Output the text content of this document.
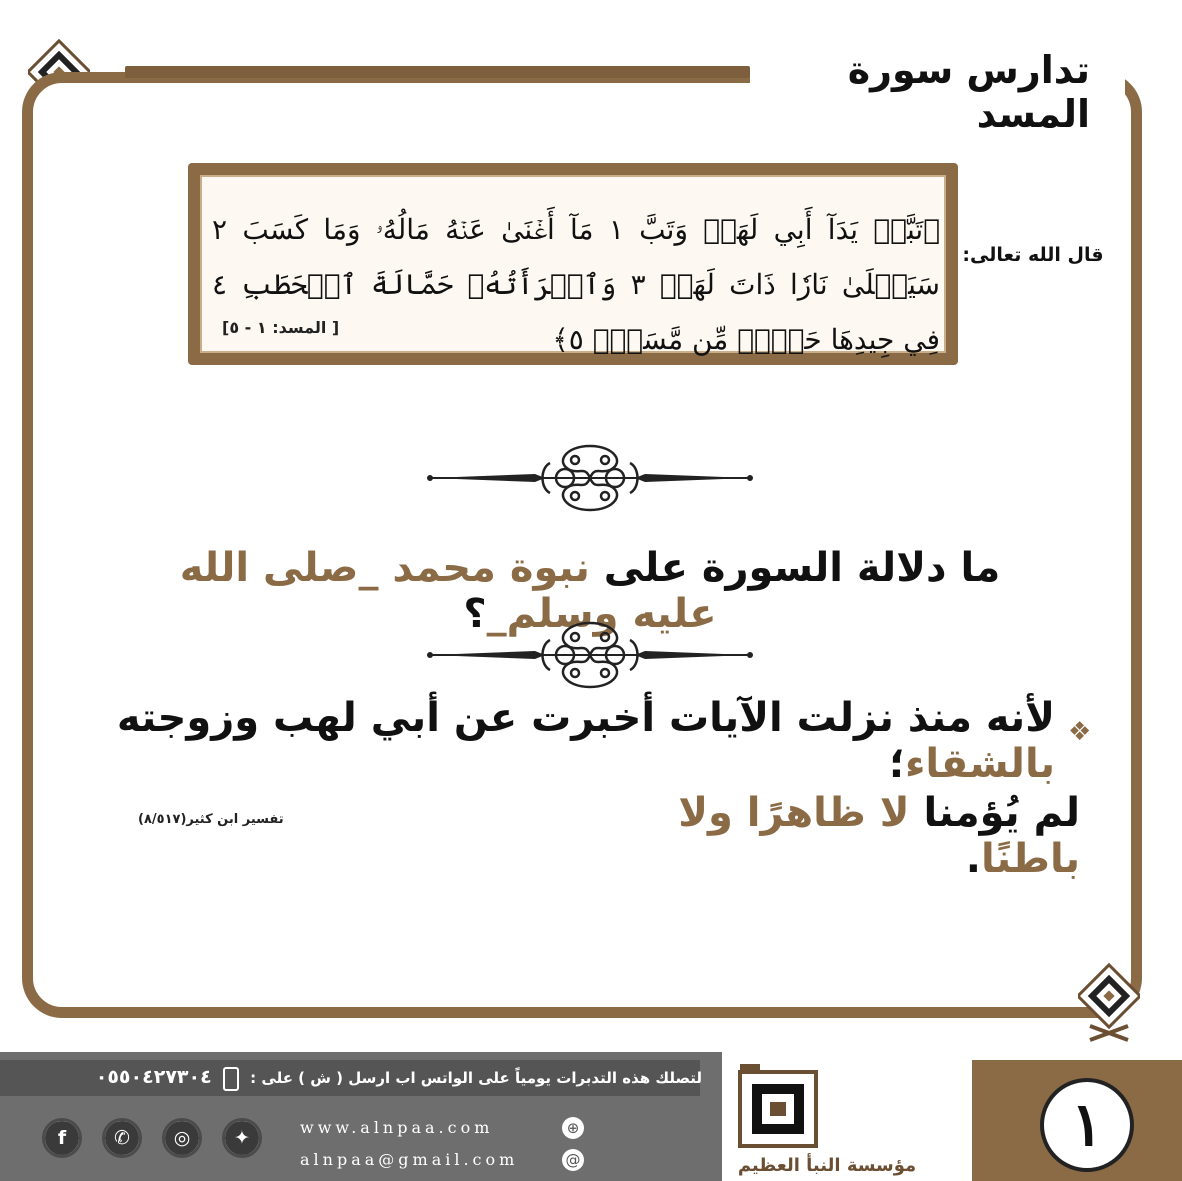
تدارس سورة المسد
﴿تَبَّتۡ يَدَآ أَبِي لَهَبٖ وَتَبَّ ١ مَآ أَغۡنَىٰ عَنۡهُ مَالُهُۥ وَمَا كَسَبَ ٢ سَيَصۡلَىٰ نَارٗا ذَاتَ لَهَبٖ ٣ وَٱمۡرَأَتُهُۥ حَمَّالَةَ ٱلۡحَطَبِ ٤ فِي جِيدِهَا حَبۡلٞ مِّن مَّسَدِۭ ٥﴾
[ المسد: ١ - ٥]
قال الله تعالى:
ما دلالة السورة على نبوة محمد _صلى الله عليه وسلم_؟
❖
لأنه منذ نزلت الآيات أخبرت عن أبي لهب وزوجته بالشقاء؛
لم يُؤمنا لا ظاهرًا ولا باطنًا.
تفسير ابن كثير(٨/٥١٧)
لتصلك هذه التدبرات يومياً على الواتس اب ارسل ( ش ) على :  ٠٥٥٠٤٢٧٣٠٤
f	✆	◎	✦	www.alnpaa.com	⊕
alnpaa@gmail.com	@	مؤسسة النبأ العظيم
١
